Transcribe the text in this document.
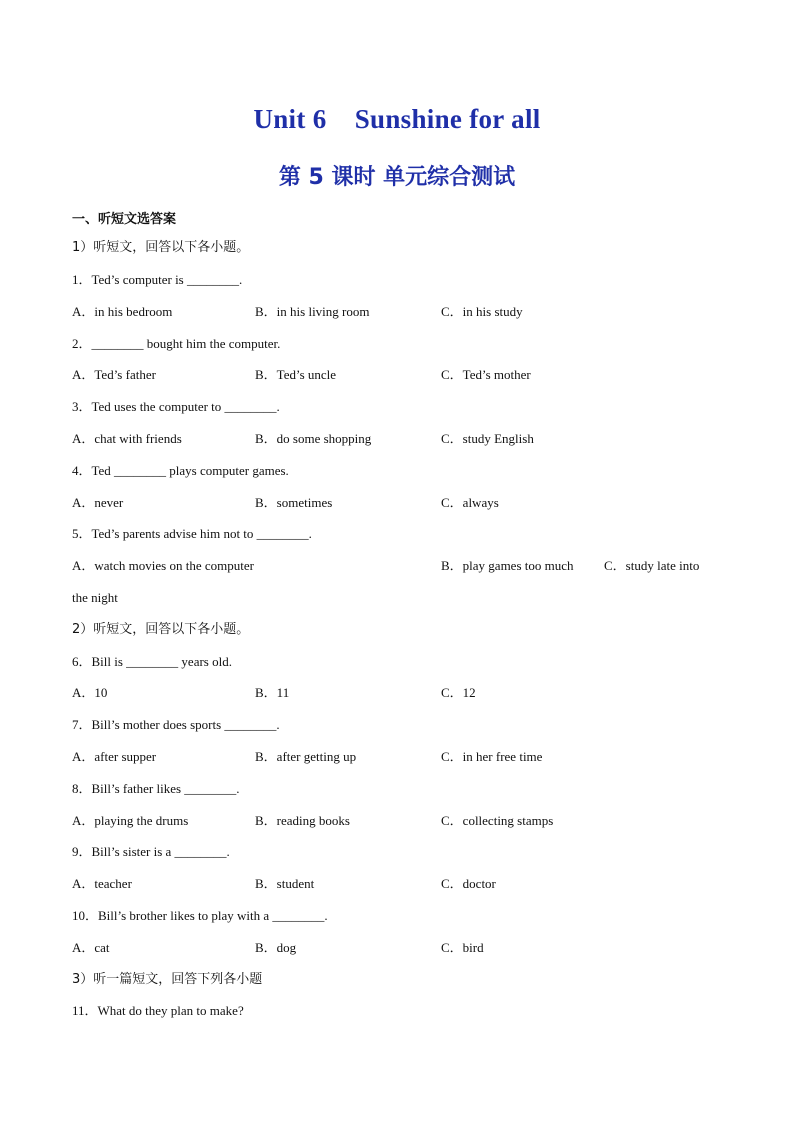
Unit 6    Sunshine for all
第 5 课时 单元综合测试
一、听短文选答案
1）听短文，回答以下各小题。
1．Ted’s computer is ________.
A．in his bedroom	B．in his living room	C．in his study
2．________ bought him the computer.
A．Ted’s father	B．Ted’s uncle	C．Ted’s mother
3．Ted uses the computer to ________.
A．chat with friends	B．do some shopping	C．study English
4．Ted ________ plays computer games.
A．never	B．sometimes	C．always
5．Ted’s parents advise him not to ________.
A．watch movies on the computer	B．play games too much C．study late into
the night
2）听短文，回答以下各小题。
6．Bill is ________ years old.
A．10	B．11	C．12
7．Bill’s mother does sports ________.
A．after supper	B．after getting up	C．in her free time
8．Bill’s father likes ________.
A．playing the drums	B．reading books	C．collecting stamps
9．Bill’s sister is a ________.
A．teacher	B．student	C．doctor
10．Bill’s brother likes to play with a ________.
A．cat	B．dog	C．bird
3）听一篇短文，回答下列各小题
11．What do they plan to make?
